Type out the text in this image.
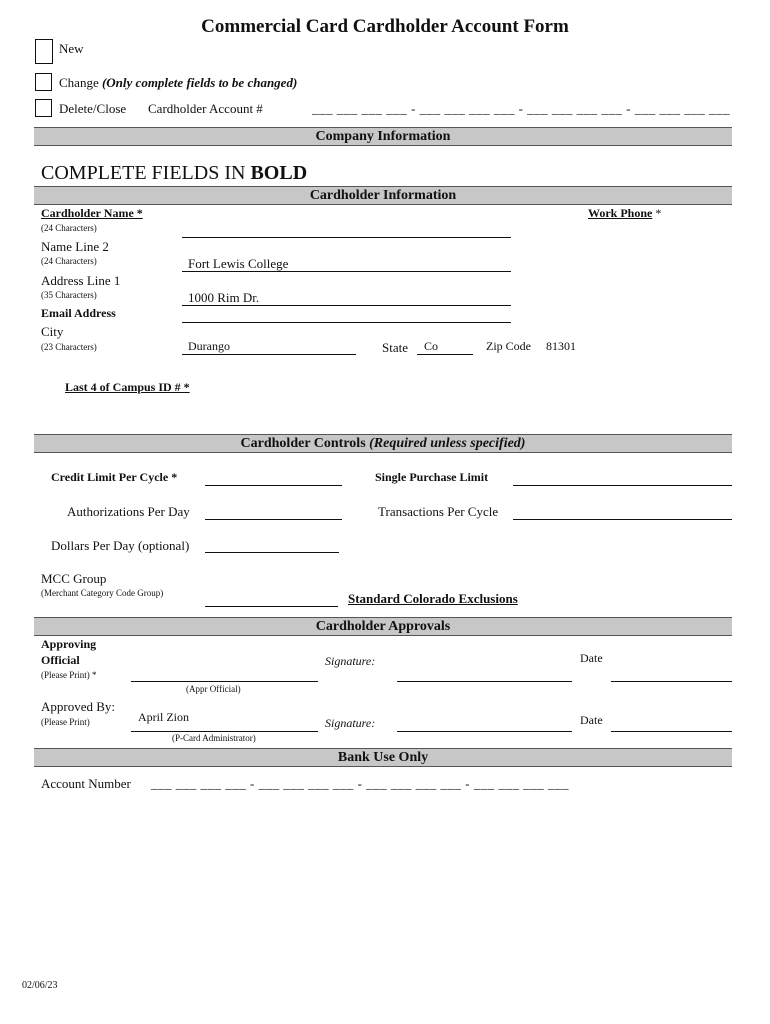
Commercial Card Cardholder Account Form
New
Change (Only complete fields to be changed)
Delete/Close Cardholder Account #	___ ___ ___ ___ - ___ ___ ___ ___ - ___ ___ ___ ___ - ___ ___ ___ ___
Company Information
COMPLETE FIELDS IN BOLD
Cardholder Information
Cardholder Name *
(24 Characters)
Work Phone *
Name Line 2
(24 Characters)	Fort Lewis College
Address Line 1
(35 Characters)	1000 Rim Dr.
Email Address
City
(23 Characters)	Durango	State Co	Zip Code 81301
Last 4 of Campus ID # *
Cardholder Controls (Required unless specified)
Credit Limit Per Cycle *	Single Purchase Limit
Authorizations Per Day	Transactions Per Cycle
Dollars Per Day (optional)
MCC Group
(Merchant Category Code Group)	Standard Colorado Exclusions
Cardholder Approvals
Approving
Official
(Please Print) *
(Appr Official)
Signature:	Date
Approved By:
(Please Print)	April Zion
(P-Card Administrator)
Signature:	Date
Bank Use Only
Account Number ___ ___ ___ ___ - ___ ___ ___ ___ - ___ ___ ___ ___ - ___ ___ ___ ___
02/06/23
